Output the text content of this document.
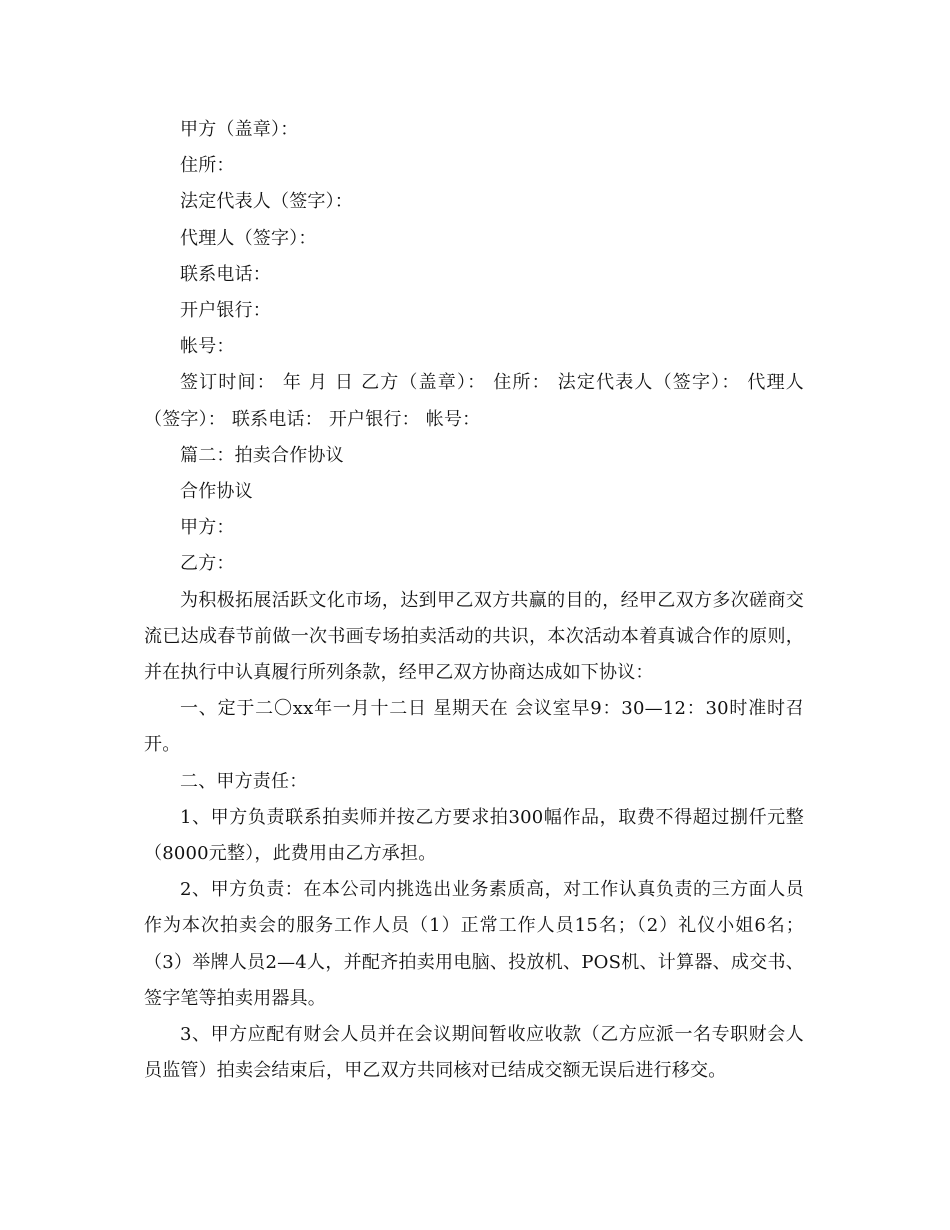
甲方（盖章）：

住所：

法定代表人（签字）：

代理人（签字）：

联系电话：

开户银行：

帐号：

签订时间： 年 月 日 乙方（盖章）： 住所： 法定代表人（签字）： 代理人（签字）： 联系电话： 开户银行： 帐号：

篇二：拍卖合作协议

合作协议

甲方：

乙方：

为积极拓展活跃文化市场，达到甲乙双方共赢的目的，经甲乙双方多次磋商交流已达成春节前做一次书画专场拍卖活动的共识，本次活动本着真诚合作的原则，并在执行中认真履行所列条款，经甲乙双方协商达成如下协议：

一、定于二〇xx年一月十二日 星期天在 会议室早9：30—12：30时准时召开。

二、甲方责任：

1、甲方负责联系拍卖师并按乙方要求拍300幅作品，取费不得超过捌仟元整（8000元整），此费用由乙方承担。

2、甲方负责：在本公司内挑选出业务素质高，对工作认真负责的三方面人员作为本次拍卖会的服务工作人员（1）正常工作人员15名；（2）礼仪小姐6名；（3）举牌人员2—4人，并配齐拍卖用电脑、投放机、POS机、计算器、成交书、签字笔等拍卖用器具。

3、甲方应配有财会人员并在会议期间暂收应收款（乙方应派一名专职财会人员监管）拍卖会结束后，甲乙双方共同核对已结成交额无误后进行移交。
